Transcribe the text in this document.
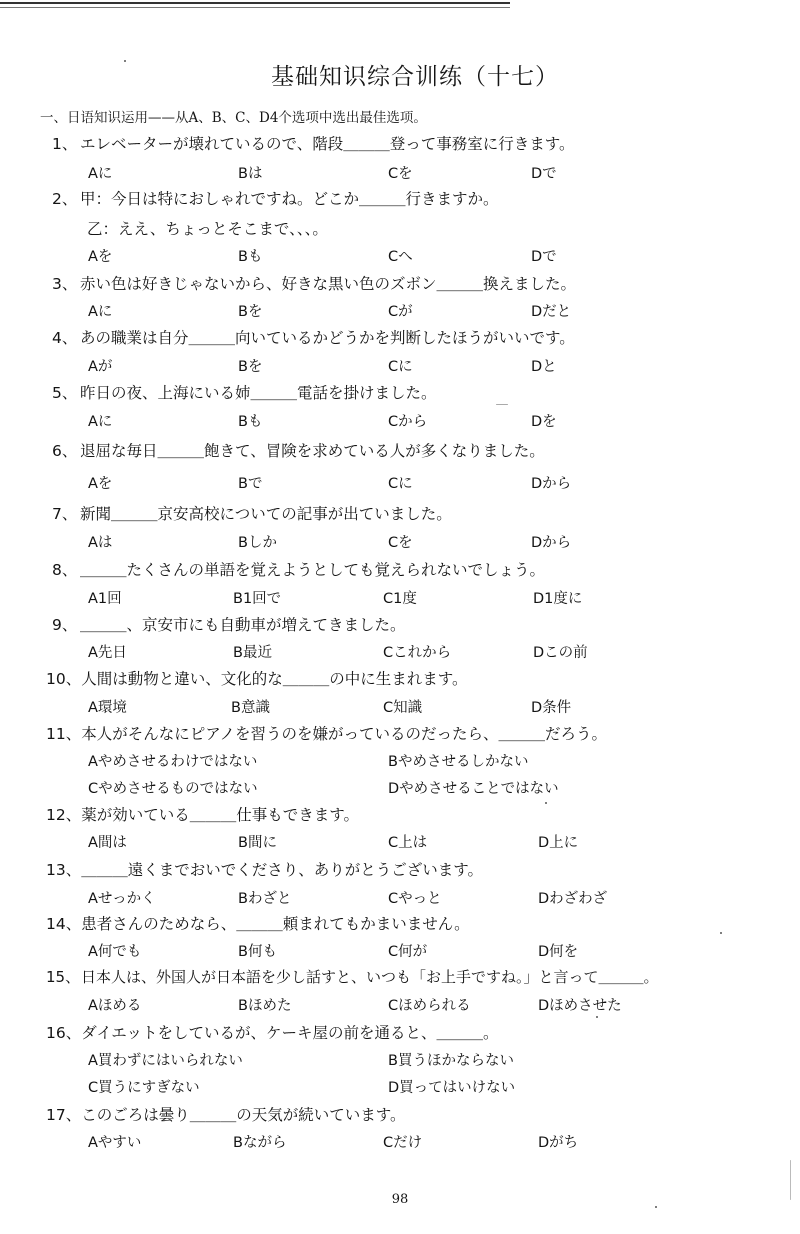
基础知识综合训练（十七）
一、日语知识运用——从A、B、C、D4个选项中选出最佳选项。
1、 エレベーターが壊れているので、階段＿＿＿登って事務室に行きます。
Aに	Bは	Cを	Dで
2、 甲：今日は特におしゃれですね。どこか＿＿＿行きますか。
乙：ええ、ちょっとそこまで、、、。
Aを	Bも	Cへ	Dで
3、 赤い色は好きじゃないから、好きな黒い色のズボン＿＿＿換えました。
Aに	Bを	Cが	Dだと
4、 あの職業は自分＿＿＿向いているかどうかを判断したほうがいいです。
Aが	Bを	Cに	Dと
5、 昨日の夜、上海にいる姉＿＿＿電話を掛けました。
Aに	Bも	Cから	Dを
6、 退屈な毎日＿＿＿飽きて、冒険を求めている人が多くなりました。
Aを	Bで	Cに	Dから
7、 新聞＿＿＿京安高校についての記事が出ていました。
Aは	Bしか	Cを	Dから
8、 ＿＿＿たくさんの単語を覚えようとしても覚えられないでしょう。
A1回	B1回で	C1度	D1度に
9、 ＿＿＿、京安市にも自動車が増えてきました。
A先日	B最近	Cこれから	Dこの前
10、人間は動物と違い、文化的な＿＿＿の中に生まれます。
A環境	B意識	C知識	D条件
11、本人がそんなにピアノを習うのを嫌がっているのだったら、＿＿＿だろう。
Aやめさせるわけではない	Bやめさせるしかない
Cやめさせるものではない	Dやめさせることではない
12、薬が効いている＿＿＿仕事もできます。
A間は	B間に	C上は	D上に
13、＿＿＿遠くまでおいでくださり、ありがとうございます。
Aせっかく	Bわざと	Cやっと	Dわざわざ
14、患者さんのためなら、＿＿＿頼まれてもかまいません。
A何でも	B何も	C何が	D何を
15、日本人は、外国人が日本語を少し話すと、いつも「お上手ですね。」と言って＿＿＿。
Aほめる	Bほめた	Cほめられる	Dほめさせた
16、ダイエットをしているが、ケーキ屋の前を通ると、＿＿＿。
A買わずにはいられない	B買うほかならない
C買うにすぎない	D買ってはいけない
17、このごろは曇り＿＿＿の天気が続いています。
Aやすい	Bながら	Cだけ	Dがち
98
